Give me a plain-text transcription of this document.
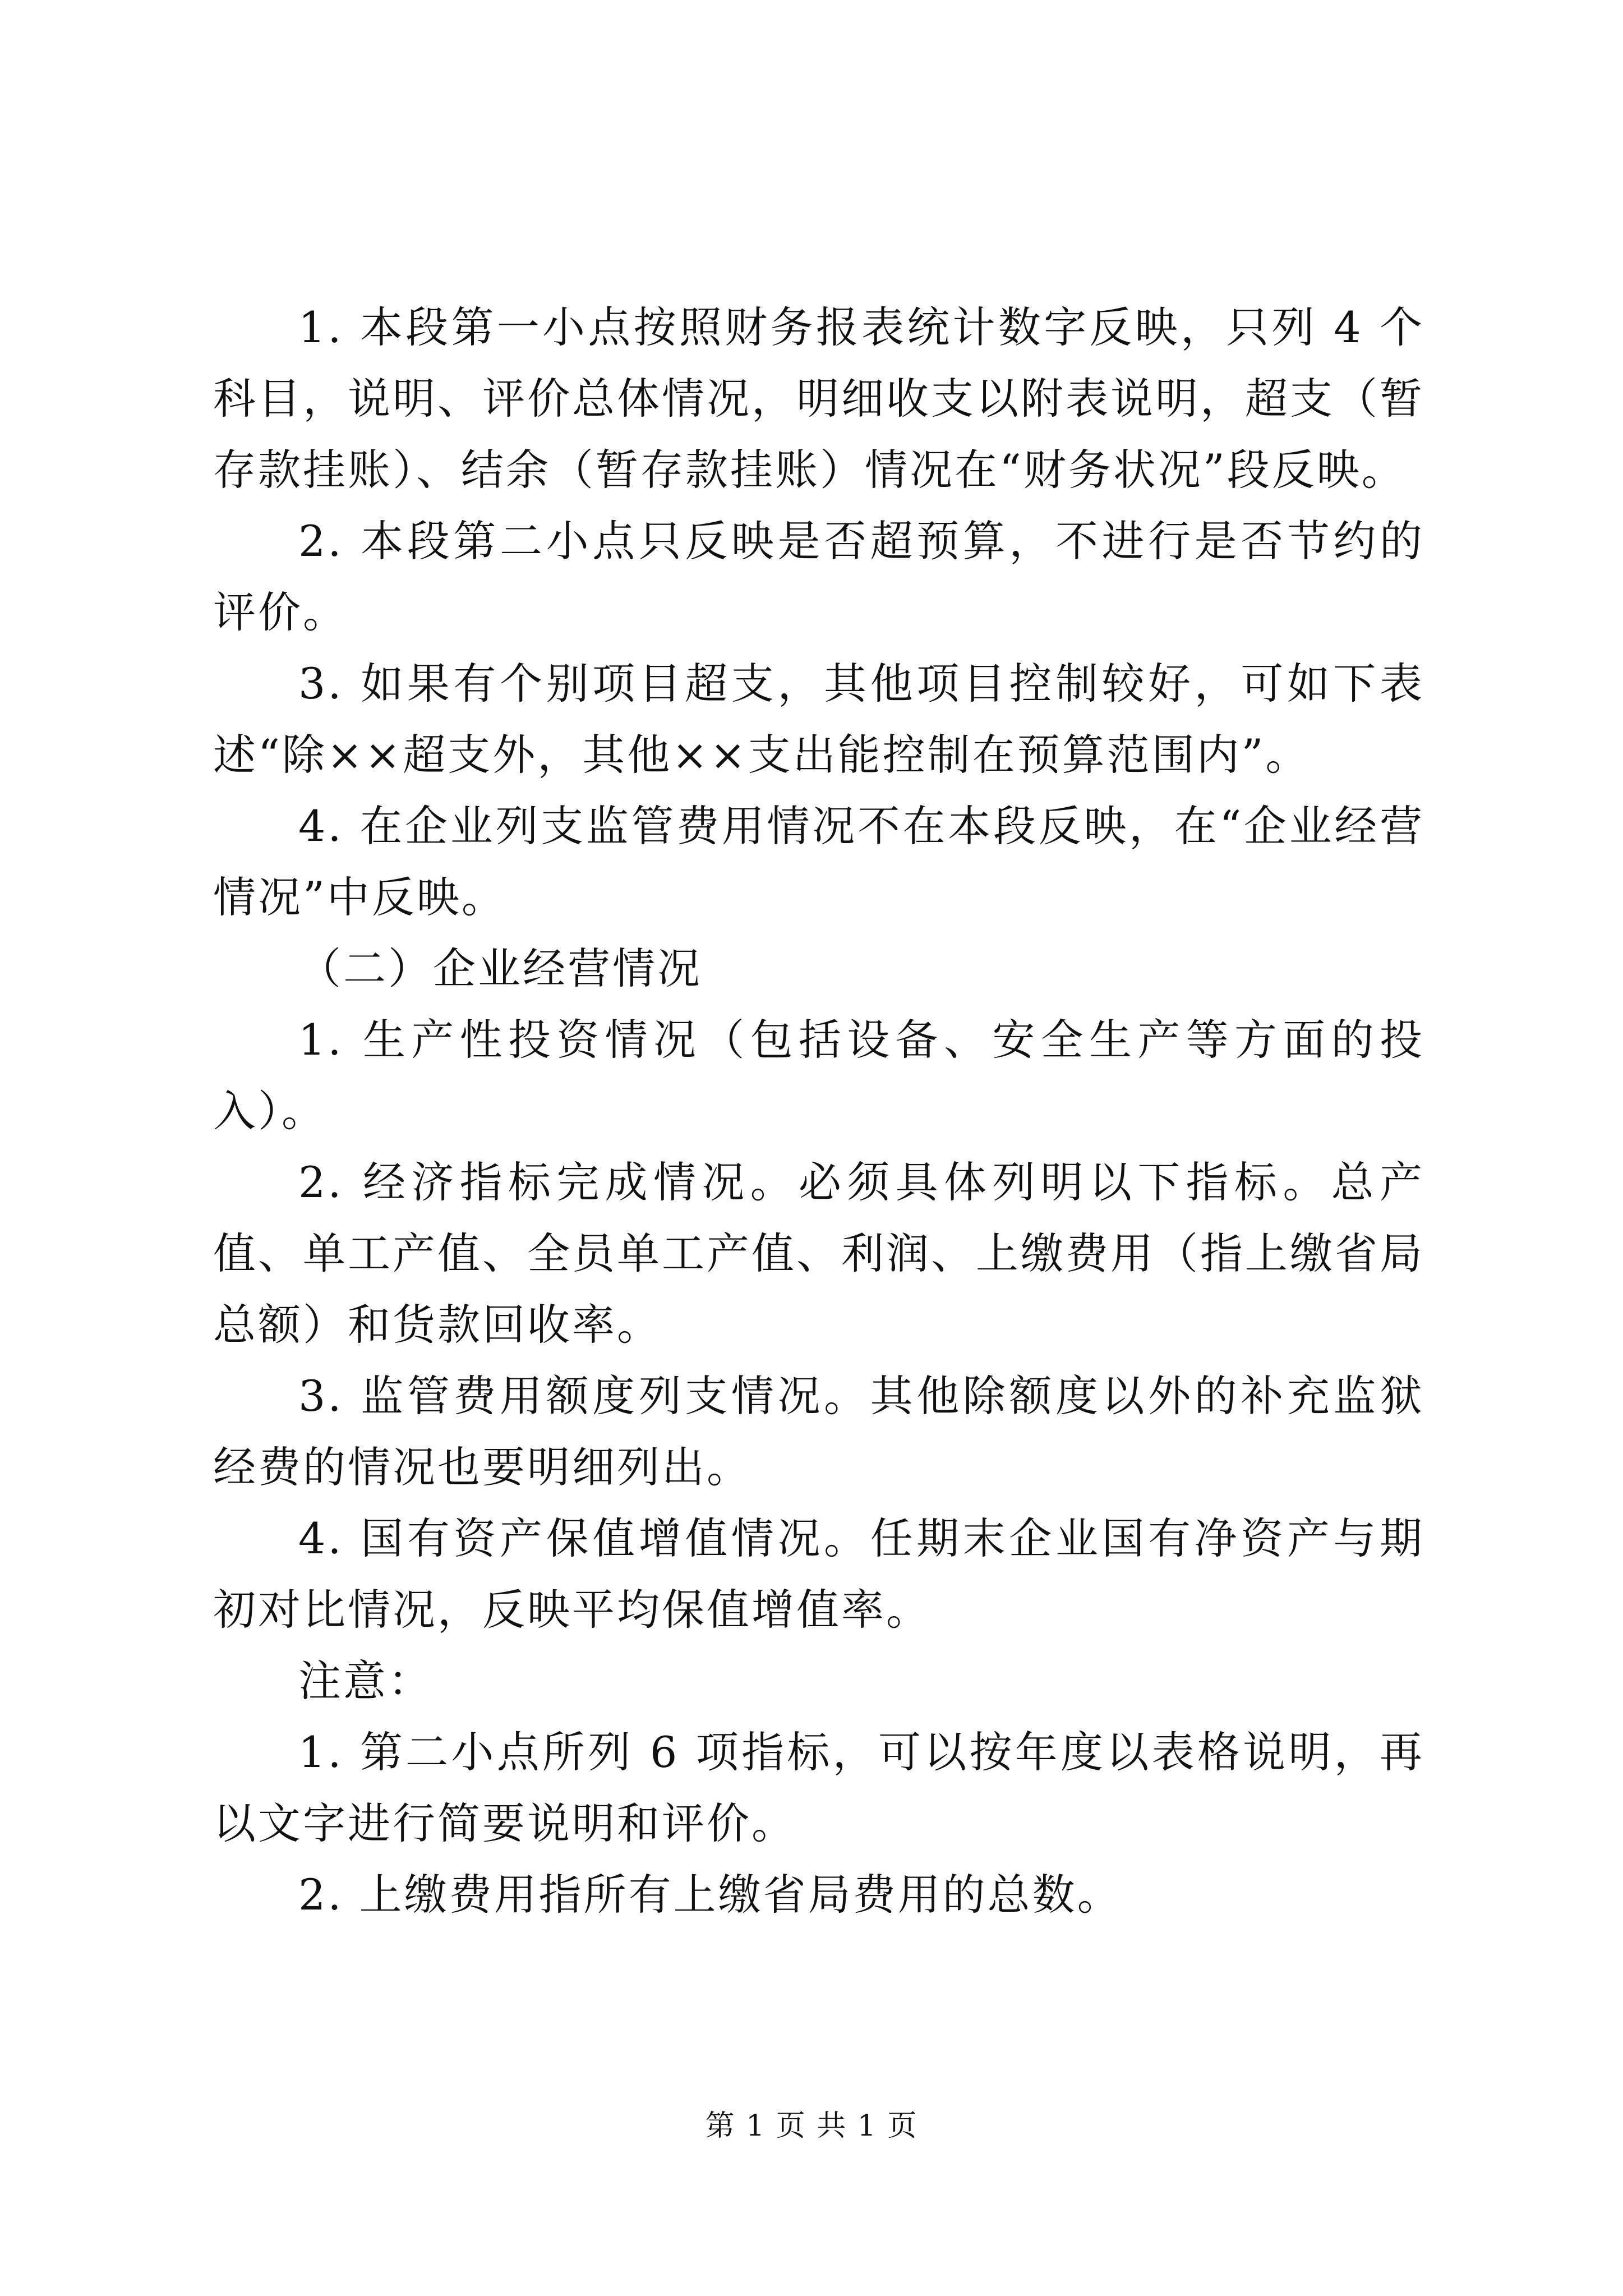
1. 本段第一小点按照财务报表统计数字反映，只列 4 个科目，说明、评价总体情况，明细收支以附表说明，超支（暂存款挂账）、结余（暂存款挂账）情况在“财务状况”段反映。

2. 本段第二小点只反映是否超预算，不进行是否节约的评价。

3. 如果有个别项目超支，其他项目控制较好，可如下表述“除××超支外，其他××支出能控制在预算范围内”。

4. 在企业列支监管费用情况不在本段反映，在“企业经营情况”中反映。

（二）企业经营情况

1. 生产性投资情况（包括设备、安全生产等方面的投入）。

2. 经济指标完成情况。必须具体列明以下指标。总产值、单工产值、全员单工产值、利润、上缴费用（指上缴省局总额）和货款回收率。

3. 监管费用额度列支情况。其他除额度以外的补充监狱经费的情况也要明细列出。

4. 国有资产保值增值情况。任期末企业国有净资产与期初对比情况，反映平均保值增值率。

注意：

1. 第二小点所列 6 项指标，可以按年度以表格说明，再以文字进行简要说明和评价。

2. 上缴费用指所有上缴省局费用的总数。

第 1 页 共 1 页
